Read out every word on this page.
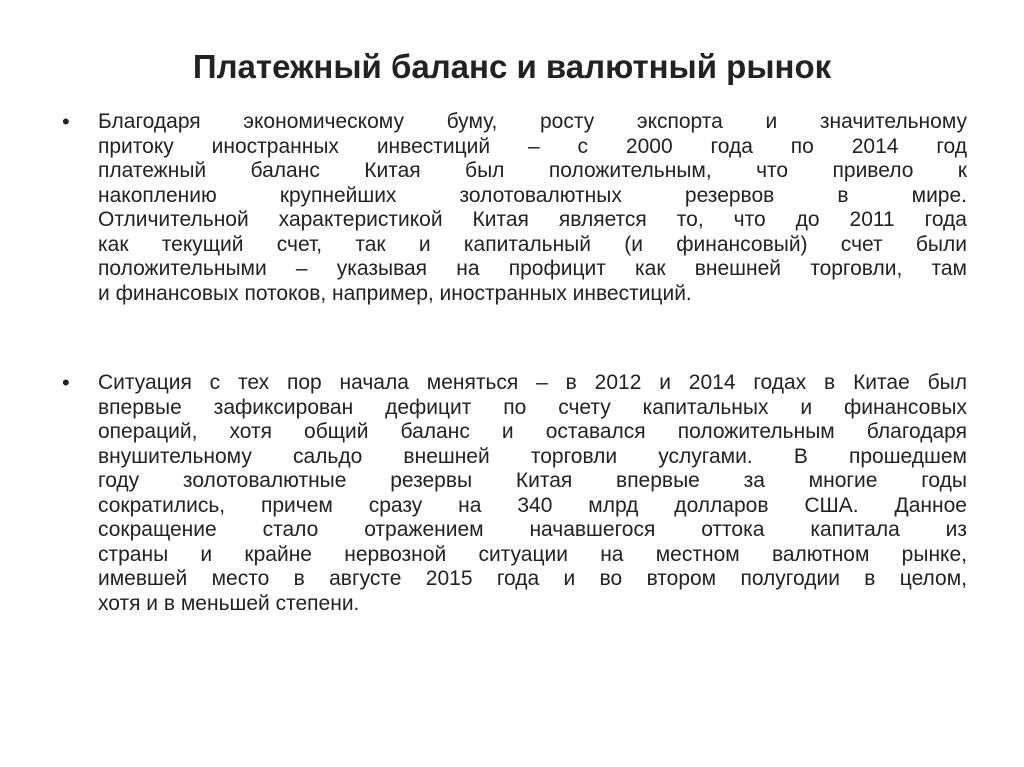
Платежный баланс и валютный рынок
• Благодаря экономическому буму, росту экспорта и значительному
притоку иностранных инвестиций – с 2000 года по 2014 год
платежный баланс Китая был положительным, что привело к
накоплению крупнейших золотовалютных резервов в мире.
Отличительной характеристикой Китая является то, что до 2011 года
как текущий счет, так и капитальный (и финансовый) счет были
положительными – указывая на профицит как внешней торговли, там
и финансовых потоков, например, иностранных инвестиций.
• Ситуация с тех пор начала меняться – в 2012 и 2014 годах в Китае был
впервые зафиксирован дефицит по счету капитальных и финансовых
операций, хотя общий баланс и оставался положительным благодаря
внушительному сальдо внешней торговли услугами. В прошедшем
году золотовалютные резервы Китая впервые за многие годы
сократились, причем сразу на 340 млрд долларов США. Данное
сокращение стало отражением начавшегося оттока капитала из
страны и крайне нервозной ситуации на местном валютном рынке,
имевшей место в августе 2015 года и во втором полугодии в целом,
хотя и в меньшей степени.
